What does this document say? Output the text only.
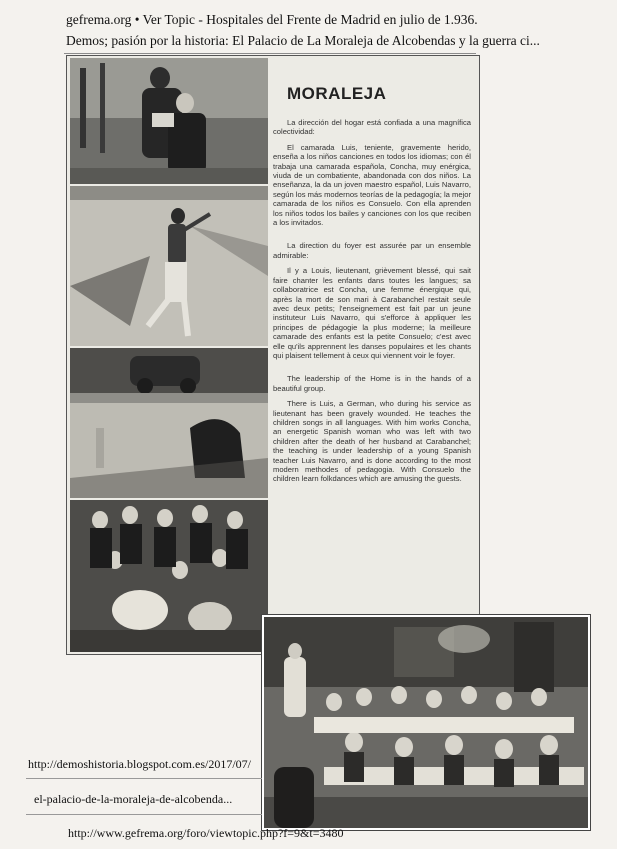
gefrema.org • Ver Topic - Hospitales del Frente de Madrid en julio de 1.936.
Demos; pasión por la historia: El Palacio de La Moraleja de Alcobendas y la guerra ci...
MORALEJA

La dirección del hogar está confiada a una magnífica colectividad:

El camarada Luis, teniente, gravemente herido, enseña a los niños canciones en todos los idiomas; con él trabaja una camarada española, Concha, muy enérgica, viuda de un combatiente, abandonada con dos niños. La enseñanza, la da un joven maestro español, Luis Navarro, según los más modernos teorías de la pedagogía; la mejor camarada de los niños es Consuelo. Con ella aprenden los niños todos los bailes y canciones con los que reciben a los invitados.

La direction du foyer est assurée par un ensemble admirable:

Il y a Louis, lieutenant, grièvement blessé, qui sait faire chanter les enfants dans toutes les langues; sa collaboratrice est Concha, une femme énergique qui, après la mort de son mari à Carabanchel restait seule avec deux petits; l'enseignement est fait par un jeune instituteur Luis Navarro, qui s'efforce à appliquer les principes de pédagogie la plus moderne; la meilleure camarade des enfants est la petite Consuelo; c'est avec elle qu'ils apprennent les danses populaires et les chants qui plaisent tellement à ceux qui viennent voir le foyer.

The leadership of the Home is in the hands of a beautiful group.

There is Luis, a German, who during his service as lieutenant has been gravely wounded. He teaches the children songs in all languages. With him works Concha, an energetic Spanish woman who was left with two children after the death of her husband at Carabanchel; the teaching is under leadership of a young Spanish teacher Luis Navarro, and is done according to the most modern methodes of pedagogia. With Consuelo the children learn folkdances which are amusing the guests.

http://demoshistoria.blogspot.com.es/2017/07/
el-palacio-de-la-moraleja-de-alcobenda...
http://www.gefrema.org/foro/viewtopic.php?f=9&t=3480
